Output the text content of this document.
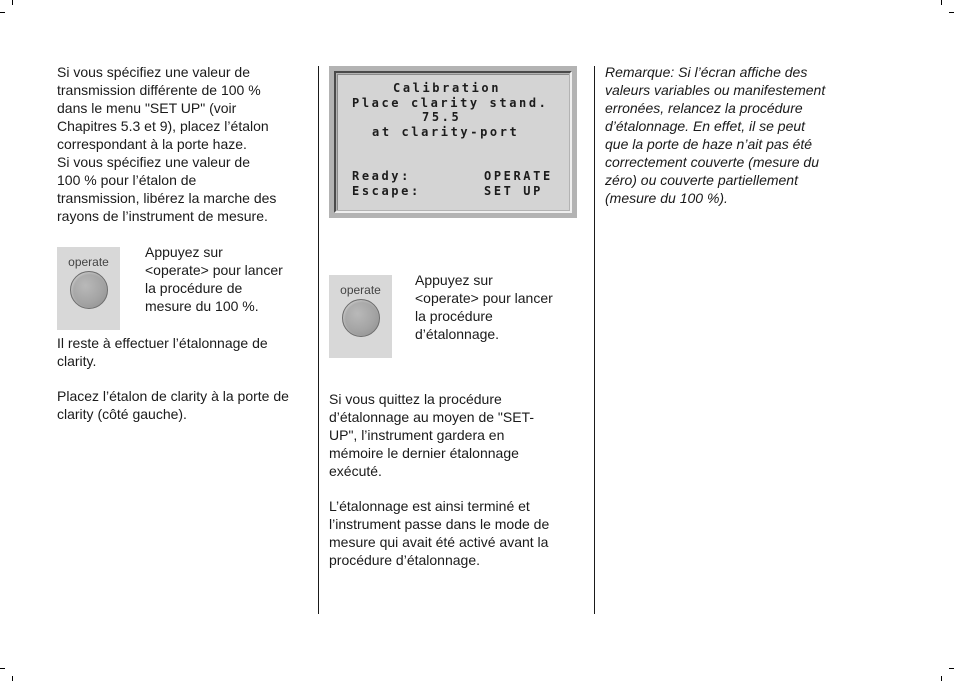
Si vous spécifiez une valeur de
transmission différente de 100 %
dans le menu "SET UP" (voir
Chapitres 5.3 et 9), placez l’étalon
correspondant à la porte haze.
Si vous spécifiez une valeur de
100 % pour l’étalon de
transmission, libérez la marche des
rayons de l’instrument de mesure.

operate

Appuyez sur
<operate> pour lancer
la procédure de
mesure du 100 %.

Il reste à effectuer l’étalonnage de
clarity.

Placez l’étalon de clarity à la porte de
clarity (côté gauche).

Calibration
Place clarity stand.
75.5
at clarity-port
Ready:	OPERATE
Escape:	SET UP
operate

Appuyez sur
<operate> pour lancer
la procédure
d’étalonnage.

Si vous quittez la procédure
d’étalonnage au moyen de "SET-
UP", l’instrument gardera en
mémoire le dernier étalonnage
exécuté.

L’étalonnage est ainsi terminé et
l’instrument passe dans le mode de
mesure qui avait été activé avant la
procédure d’étalonnage.

Remarque: Si l’écran affiche des
valeurs variables ou manifestement
erronées, relancez la procédure
d’étalonnage. En effet, il se peut
que la porte de haze n’ait pas été
correctement couverte (mesure du
zéro) ou couverte partiellement
(mesure du 100 %).
